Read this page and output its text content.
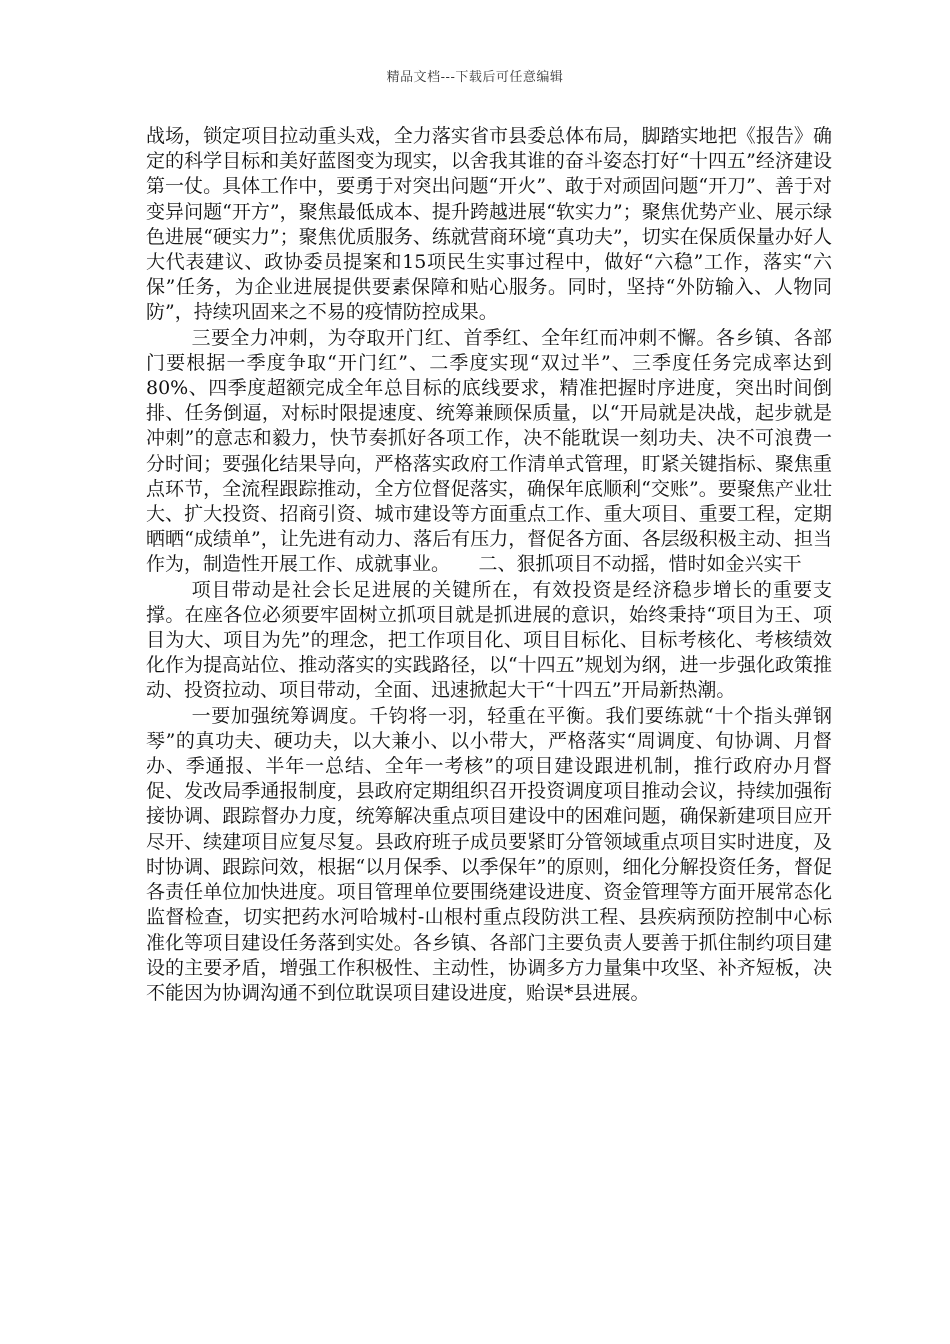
精品文档---下载后可任意编辑

战场，锁定项目拉动重头戏，全力落实省市县委总体布局，脚踏实地把《报告》确定的科学目标和美好蓝图变为现实，以舍我其谁的奋斗姿态打好“十四五”经济建设第一仗。具体工作中，要勇于对突出问题“开火”、敢于对顽固问题“开刀”、善于对变异问题“开方”，聚焦最低成本、提升跨越进展“软实力”；聚焦优势产业、展示绿色进展“硬实力”；聚焦优质服务、练就营商环境“真功夫”，切实在保质保量办好人大代表建议、政协委员提案和15项民生实事过程中，做好“六稳”工作，落实“六保”任务，为企业进展提供要素保障和贴心服务。同时，坚持“外防输入、人物同防”，持续巩固来之不易的疫情防控成果。

三要全力冲刺，为夺取开门红、首季红、全年红而冲刺不懈。各乡镇、各部门要根据一季度争取“开门红”、二季度实现“双过半”、三季度任务完成率达到80%、四季度超额完成全年总目标的底线要求，精准把握时序进度，突出时间倒排、任务倒逼，对标时限提速度、统筹兼顾保质量，以“开局就是决战，起步就是冲刺”的意志和毅力，快节奏抓好各项工作，决不能耽误一刻功夫、决不可浪费一分时间；要强化结果导向，严格落实政府工作清单式管理，盯紧关键指标、聚焦重点环节，全流程跟踪推动，全方位督促落实，确保年底顺利“交账”。要聚焦产业壮大、扩大投资、招商引资、城市建设等方面重点工作、重大项目、重要工程，定期晒晒“成绩单”，让先进有动力、落后有压力，督促各方面、各层级积极主动、担当作为，制造性开展工作、成就事业。　　二、狠抓项目不动摇，惜时如金兴实干

项目带动是社会长足进展的关键所在，有效投资是经济稳步增长的重要支撑。在座各位必须要牢固树立抓项目就是抓进展的意识，始终秉持“项目为王、项目为大、项目为先”的理念，把工作项目化、项目目标化、目标考核化、考核绩效化作为提高站位、推动落实的实践路径，以“十四五”规划为纲，进一步强化政策推动、投资拉动、项目带动，全面、迅速掀起大干“十四五”开局新热潮。

一要加强统筹调度。千钧将一羽，轻重在平衡。我们要练就“十个指头弹钢琴”的真功夫、硬功夫，以大兼小、以小带大，严格落实“周调度、旬协调、月督办、季通报、半年一总结、全年一考核”的项目建设跟进机制，推行政府办月督促、发改局季通报制度，县政府定期组织召开投资调度项目推动会议，持续加强衔接协调、跟踪督办力度，统筹解决重点项目建设中的困难问题，确保新建项目应开尽开、续建项目应复尽复。县政府班子成员要紧盯分管领域重点项目实时进度，及时协调、跟踪问效，根据“以月保季、以季保年”的原则，细化分解投资任务，督促各责任单位加快进度。项目管理单位要围绕建设进度、资金管理等方面开展常态化监督检查，切实把药水河哈城村-山根村重点段防洪工程、县疾病预防控制中心标准化等项目建设任务落到实处。各乡镇、各部门主要负责人要善于抓住制约项目建设的主要矛盾，增强工作积极性、主动性，协调多方力量集中攻坚、补齐短板，决不能因为协调沟通不到位耽误项目建设进度，贻误*县进展。
